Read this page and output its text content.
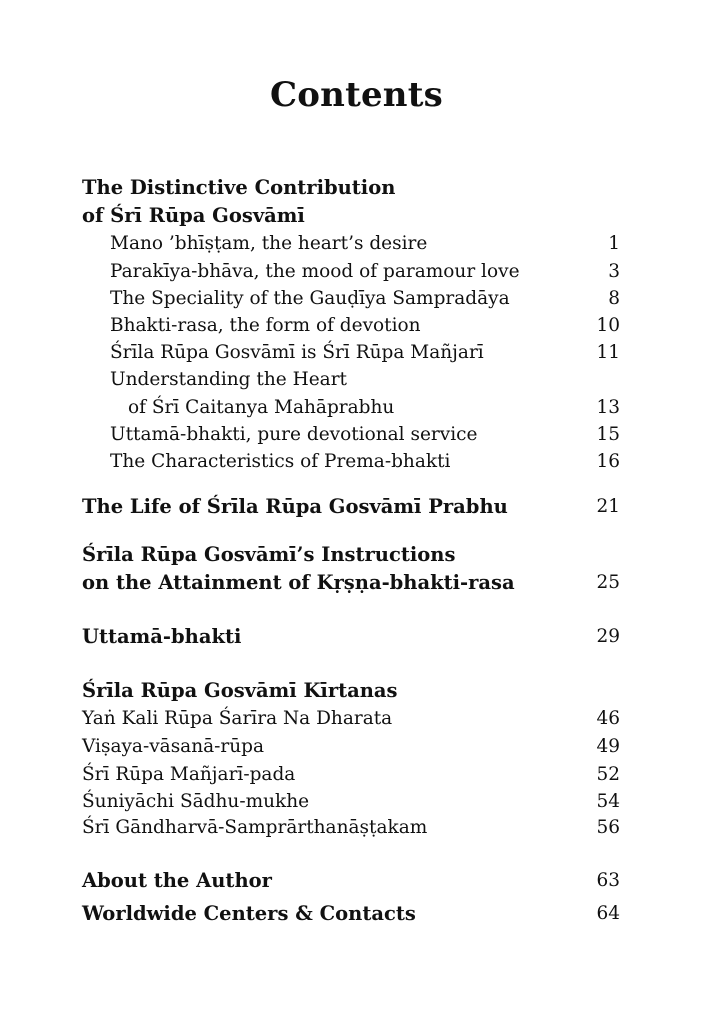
Contents
The Distinctive Contribution
of Śrī Rūpa Gosvāmī
Mano ’bhīṣṭam, the heart’s desire	1
Parakīya-bhāva, the mood of paramour love	3
The Speciality of the Gauḍīya Sampradāya	8
Bhakti-rasa, the form of devotion	10
Śrīla Rūpa Gosvāmī is Śrī Rūpa Mañjarī	11
Understanding the Heart
of Śrī Caitanya Mahāprabhu	13
Uttamā-bhakti, pure devotional service	15
The Characteristics of Prema-bhakti	16
The Life of Śrīla Rūpa Gosvāmī Prabhu	21
Śrīla Rūpa Gosvāmī’s Instructions
on the Attainment of Kṛṣṇa-bhakti-rasa	25
Uttamā-bhakti	29
Śrīla Rūpa Gosvāmī Kīrtanas
Yaṅ Kali Rūpa Śarīra Na Dharata	46
Viṣaya-vāsanā-rūpa	49
Śrī Rūpa Mañjarī-pada	52
Śuniyāchi Sādhu-mukhe	54
Śrī Gāndharvā-Samprārthanāṣṭakam	56
About the Author	63
Worldwide Centers & Contacts	64
